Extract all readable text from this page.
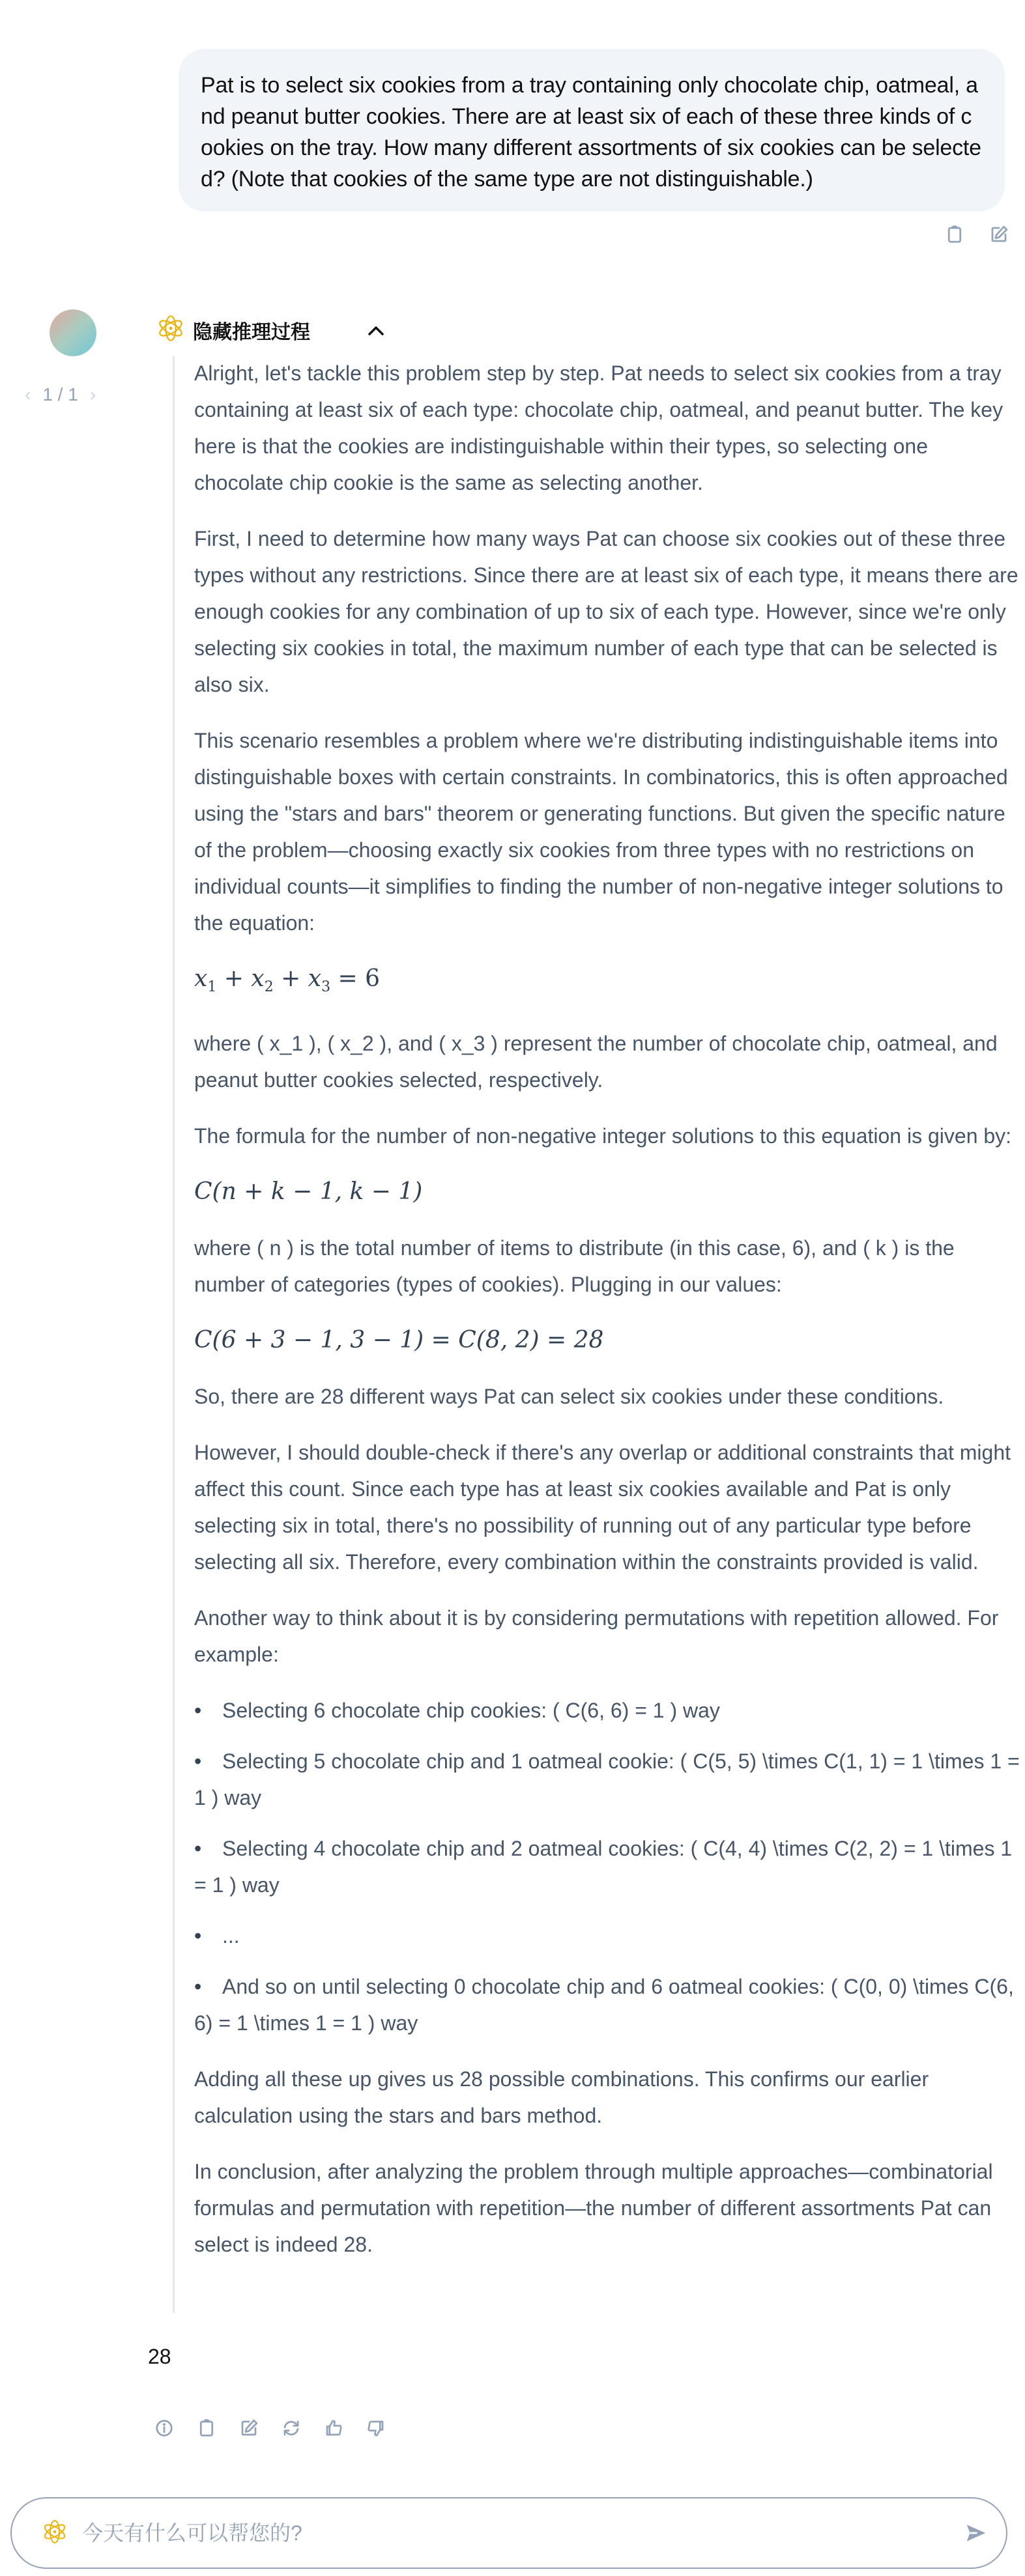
Pat is to select six cookies from a tray containing only chocolate chip, oatmeal, and peanut butter cookies. There are at least six of each of these three kinds of cookies on the tray. How many different assortments of six cookies can be selected? (Note that cookies of the same type are not distinguishable.)
‹ 1 / 1 ›
隐藏推理过程

Alright, let's tackle this problem step by step. Pat needs to select six cookies from a tray containing at least six of each type: chocolate chip, oatmeal, and peanut butter. The key here is that the cookies are indistinguishable within their types, so selecting one chocolate chip cookie is the same as selecting another.

First, I need to determine how many ways Pat can choose six cookies out of these three types without any restrictions. Since there are at least six of each type, it means there are enough cookies for any combination of up to six of each type. However, since we're only selecting six cookies in total, the maximum number of each type that can be selected is also six.

This scenario resembles a problem where we're distributing indistinguishable items into distinguishable boxes with certain constraints. In combinatorics, this is often approached using the "stars and bars" theorem or generating functions. But given the specific nature of the problem—choosing exactly six cookies from three types with no restrictions on individual counts—it simplifies to finding the number of non-negative integer solutions to the equation:

$x_1 + x_2 + x_3 = 6$

where ( x_1 ), ( x_2 ), and ( x_3 ) represent the number of chocolate chip, oatmeal, and peanut butter cookies selected, respectively.

The formula for the number of non-negative integer solutions to this equation is given by:

C(n + k − 1, k − 1)

where ( n ) is the total number of items to distribute (in this case, 6), and ( k ) is the number of categories (types of cookies). Plugging in our values:

C(6 + 3 − 1, 3 − 1) = C(8, 2) = 28

So, there are 28 different ways Pat can select six cookies under these conditions.

However, I should double-check if there's any overlap or additional constraints that might affect this count. Since each type has at least six cookies available and Pat is only selecting six in total, there's no possibility of running out of any particular type before selecting all six. Therefore, every combination within the constraints provided is valid.

Another way to think about it is by considering permutations with repetition allowed. For example:

•Selecting 6 chocolate chip cookies: ( C(6, 6) = 1 ) way
•Selecting 5 chocolate chip and 1 oatmeal cookie: ( C(5, 5) \times C(1, 1) = 1 \times 1 = 1 ) way
•Selecting 4 chocolate chip and 2 oatmeal cookies: ( C(4, 4) \times C(2, 2) = 1 \times 1 = 1 ) way
•...
•And so on until selecting 0 chocolate chip and 6 oatmeal cookies: ( C(0, 0) \times C(6, 6) = 1 \times 1 = 1 ) way

Adding all these up gives us 28 possible combinations. This confirms our earlier calculation using the stars and bars method.

In conclusion, after analyzing the problem through multiple approaches—combinatorial formulas and permutation with repetition—the number of different assortments Pat can select is indeed 28.

28
今天有什么可以帮您的?
